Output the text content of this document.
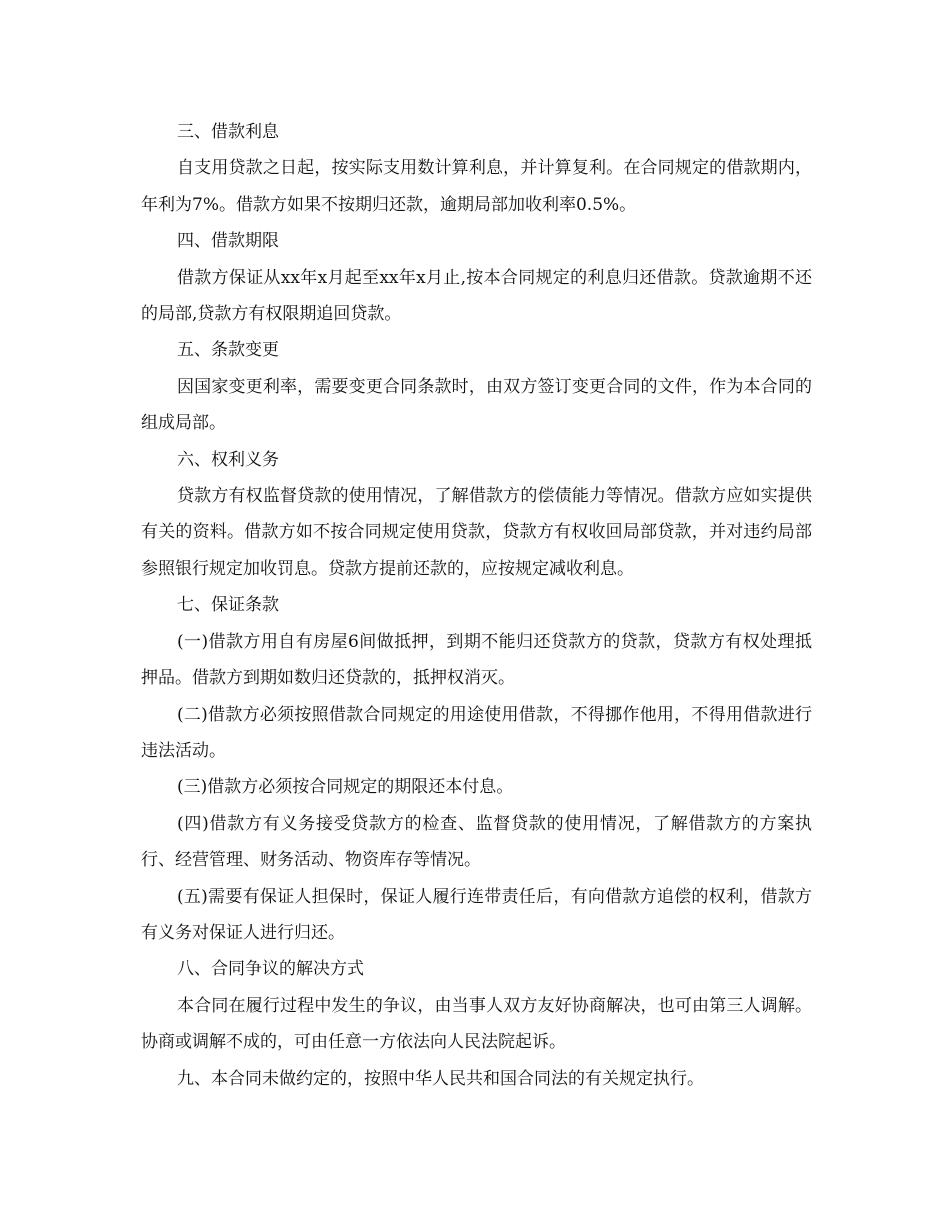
三、借款利息

自支用贷款之日起，按实际支用数计算利息，并计算复利。在合同规定的借款期内，年利为7%。借款方如果不按期归还款，逾期局部加收利率0.5%。

四、借款期限

借款方保证从xx年x月起至xx年x月止,按本合同规定的利息归还借款。贷款逾期不还的局部,贷款方有权限期追回贷款。

五、条款变更

因国家变更利率，需要变更合同条款时，由双方签订变更合同的文件，作为本合同的组成局部。

六、权利义务

贷款方有权监督贷款的使用情况，了解借款方的偿债能力等情况。借款方应如实提供有关的资料。借款方如不按合同规定使用贷款，贷款方有权收回局部贷款，并对违约局部参照银行规定加收罚息。贷款方提前还款的，应按规定减收利息。

七、保证条款

(一)借款方用自有房屋6间做抵押，到期不能归还贷款方的贷款，贷款方有权处理抵押品。借款方到期如数归还贷款的，抵押权消灭。

(二)借款方必须按照借款合同规定的用途使用借款，不得挪作他用，不得用借款进行违法活动。

(三)借款方必须按合同规定的期限还本付息。

(四)借款方有义务接受贷款方的检查、监督贷款的使用情况，了解借款方的方案执行、经营管理、财务活动、物资库存等情况。

(五)需要有保证人担保时，保证人履行连带责任后，有向借款方追偿的权利，借款方有义务对保证人进行归还。

八、合同争议的解决方式

本合同在履行过程中发生的争议，由当事人双方友好协商解决，也可由第三人调解。协商或调解不成的，可由任意一方依法向人民法院起诉。

九、本合同未做约定的，按照中华人民共和国合同法的有关规定执行。
